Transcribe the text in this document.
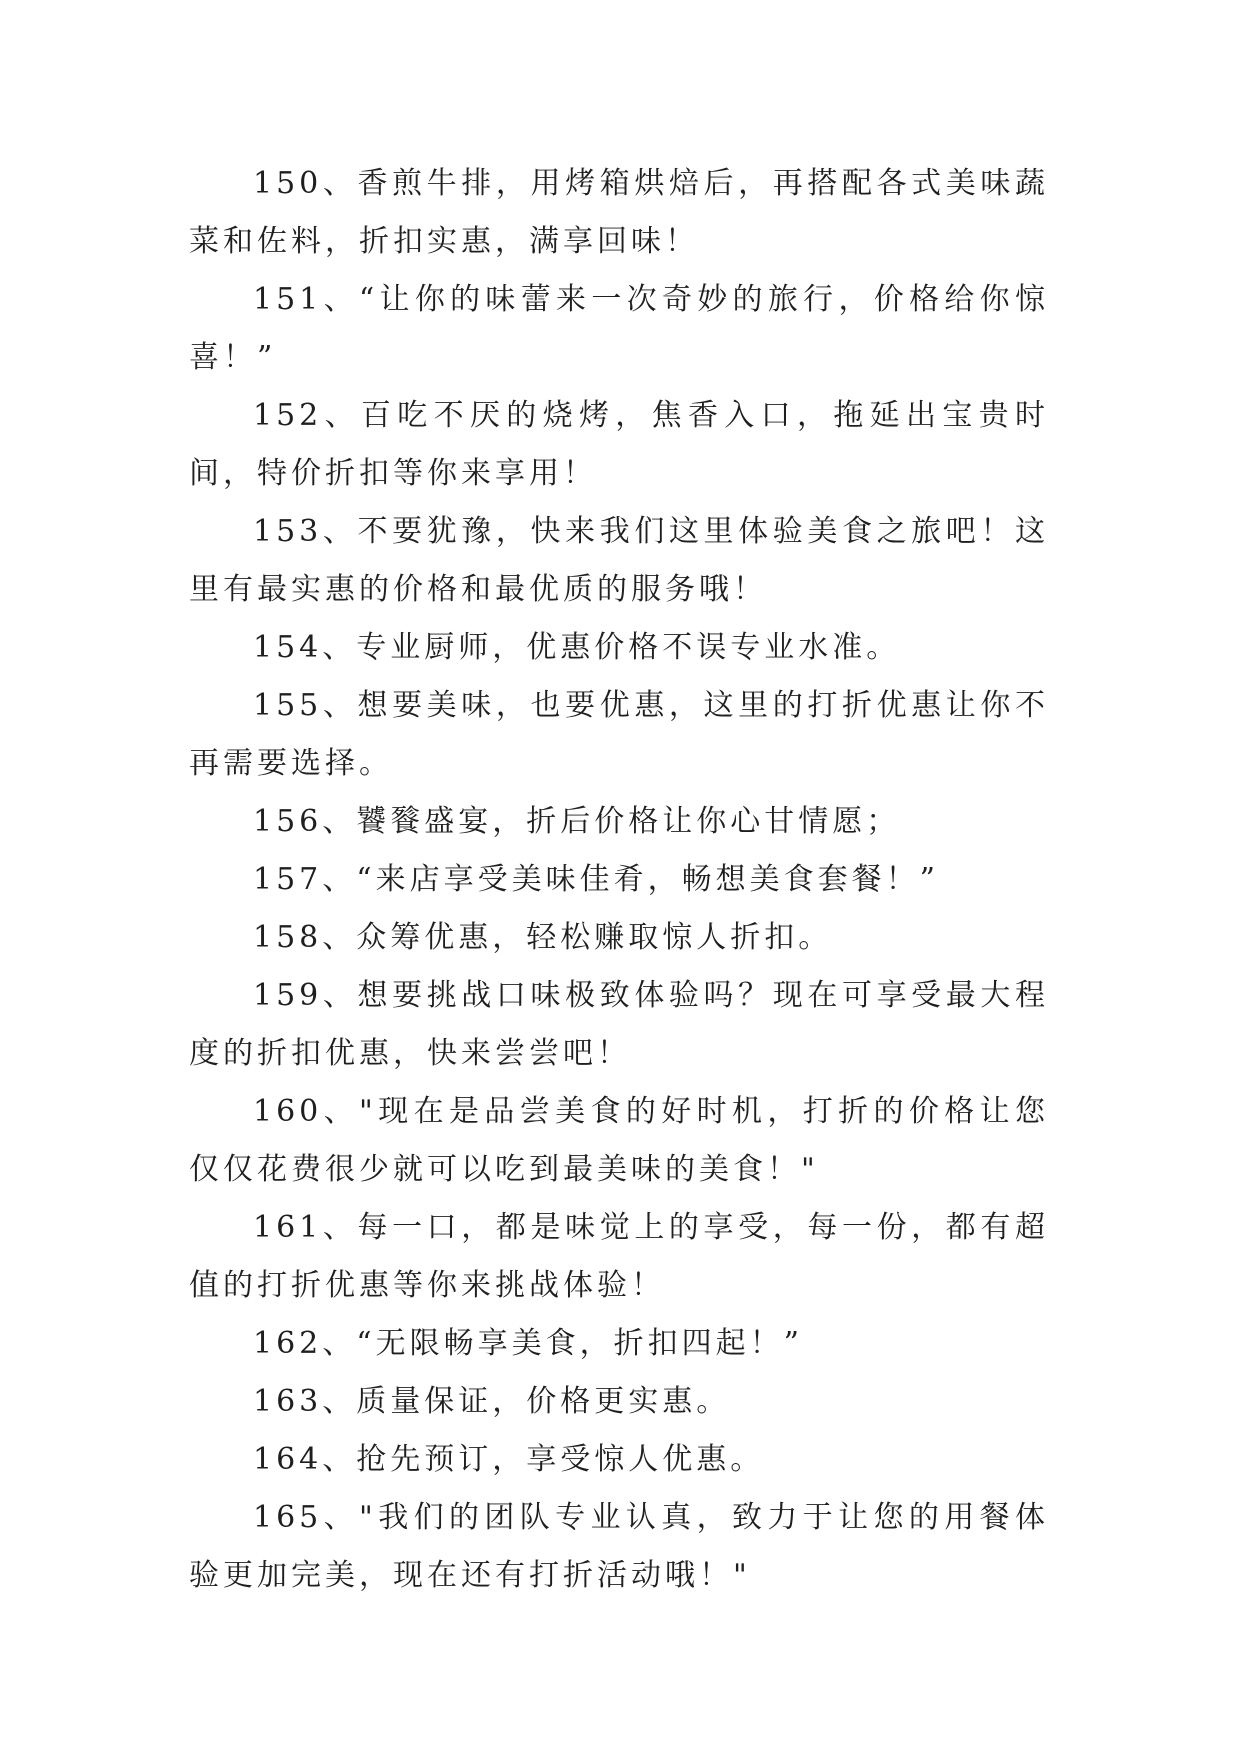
150、香煎牛排，用烤箱烘焙后，再搭配各式美味蔬菜和佐料，折扣实惠，满享回味！

151、“让你的味蕾来一次奇妙的旅行，价格给你惊喜！”

152、百吃不厌的烧烤，焦香入口，拖延出宝贵时间，特价折扣等你来享用！

153、不要犹豫，快来我们这里体验美食之旅吧！这里有最实惠的价格和最优质的服务哦！

154、专业厨师，优惠价格不误专业水准。

155、想要美味，也要优惠，这里的打折优惠让你不再需要选择。

156、饕餮盛宴，折后价格让你心甘情愿；

157、“来店享受美味佳肴，畅想美食套餐！”

158、众筹优惠，轻松赚取惊人折扣。

159、想要挑战口味极致体验吗？现在可享受最大程度的折扣优惠，快来尝尝吧！

160、"现在是品尝美食的好时机，打折的价格让您仅仅花费很少就可以吃到最美味的美食！"

161、每一口，都是味觉上的享受，每一份，都有超值的打折优惠等你来挑战体验！

162、“无限畅享美食，折扣四起！”

163、质量保证，价格更实惠。

164、抢先预订，享受惊人优惠。

165、"我们的团队专业认真，致力于让您的用餐体验更加完美，现在还有打折活动哦！"
